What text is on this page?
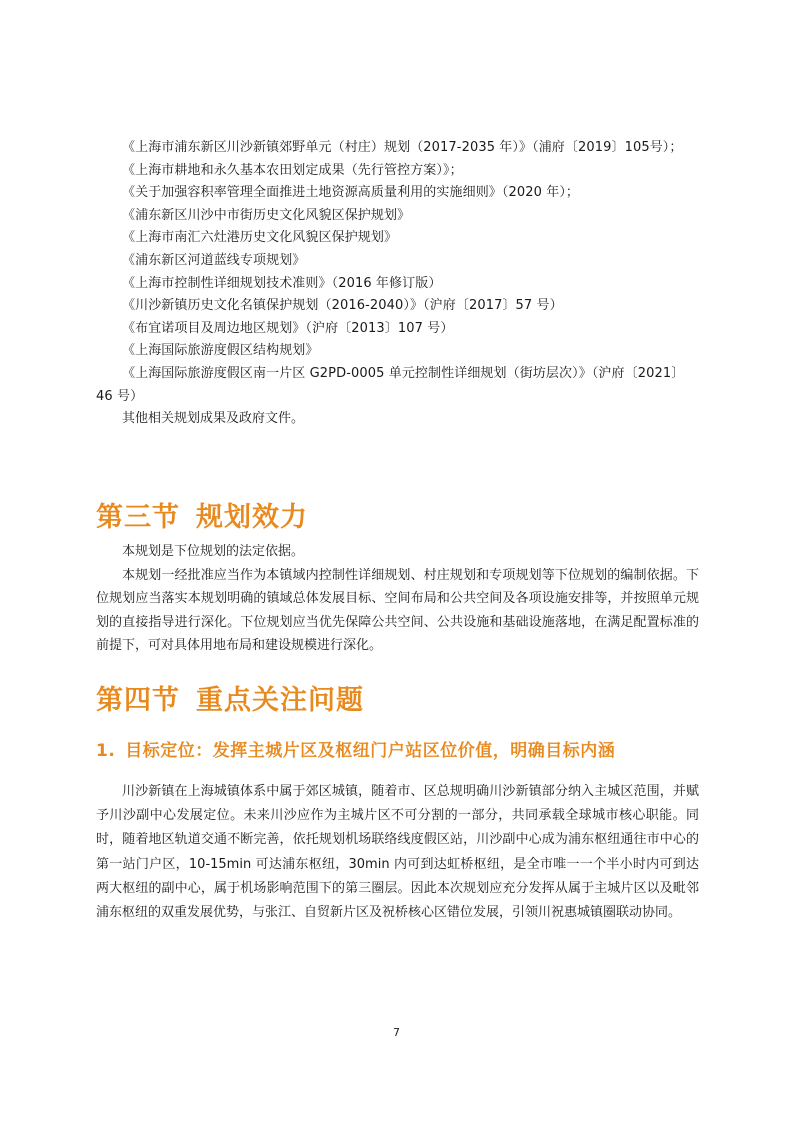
《上海市浦东新区川沙新镇郊野单元（村庄）规划（2017-2035 年）》（浦府〔2019〕105号）；

《上海市耕地和永久基本农田划定成果（先行管控方案）》；

《关于加强容积率管理全面推进土地资源高质量利用的实施细则》（2020 年）；

《浦东新区川沙中市街历史文化风貌区保护规划》

《上海市南汇六灶港历史文化风貌区保护规划》

《浦东新区河道蓝线专项规划》

《上海市控制性详细规划技术准则》（2016 年修订版）

《川沙新镇历史文化名镇保护规划（2016-2040）》（沪府〔2017〕57 号）

《布宜诺项目及周边地区规划》（沪府〔2013〕107 号）

《上海国际旅游度假区结构规划》

《上海国际旅游度假区南一片区 G2PD-0005 单元控制性详细规划（街坊层次）》（沪府〔2021〕46 号）

其他相关规划成果及政府文件。

第三节 规划效力

本规划是下位规划的法定依据。

本规划一经批准应当作为本镇域内控制性详细规划、村庄规划和专项规划等下位规划的编制依据。下位规划应当落实本规划明确的镇域总体发展目标、空间布局和公共空间及各项设施安排等，并按照单元规划的直接指导进行深化。下位规划应当优先保障公共空间、公共设施和基础设施落地，在满足配置标准的前提下，可对具体用地布局和建设规模进行深化。

第四节 重点关注问题
1. 目标定位：发挥主城片区及枢纽门户站区位价值，明确目标内涵

川沙新镇在上海城镇体系中属于郊区城镇，随着市、区总规明确川沙新镇部分纳入主城区范围，并赋予川沙副中心发展定位。未来川沙应作为主城片区不可分割的一部分，共同承载全球城市核心职能。同时，随着地区轨道交通不断完善，依托规划机场联络线度假区站，川沙副中心成为浦东枢纽通往市中心的第一站门户区，10-15min 可达浦东枢纽，30min 内可到达虹桥枢纽，是全市唯一一个半小时内可到达两大枢纽的副中心，属于机场影响范围下的第三圈层。因此本次规划应充分发挥从属于主城片区以及毗邻浦东枢纽的双重发展优势，与张江、自贸新片区及祝桥核心区错位发展，引领川祝惠城镇圈联动协同。

7
